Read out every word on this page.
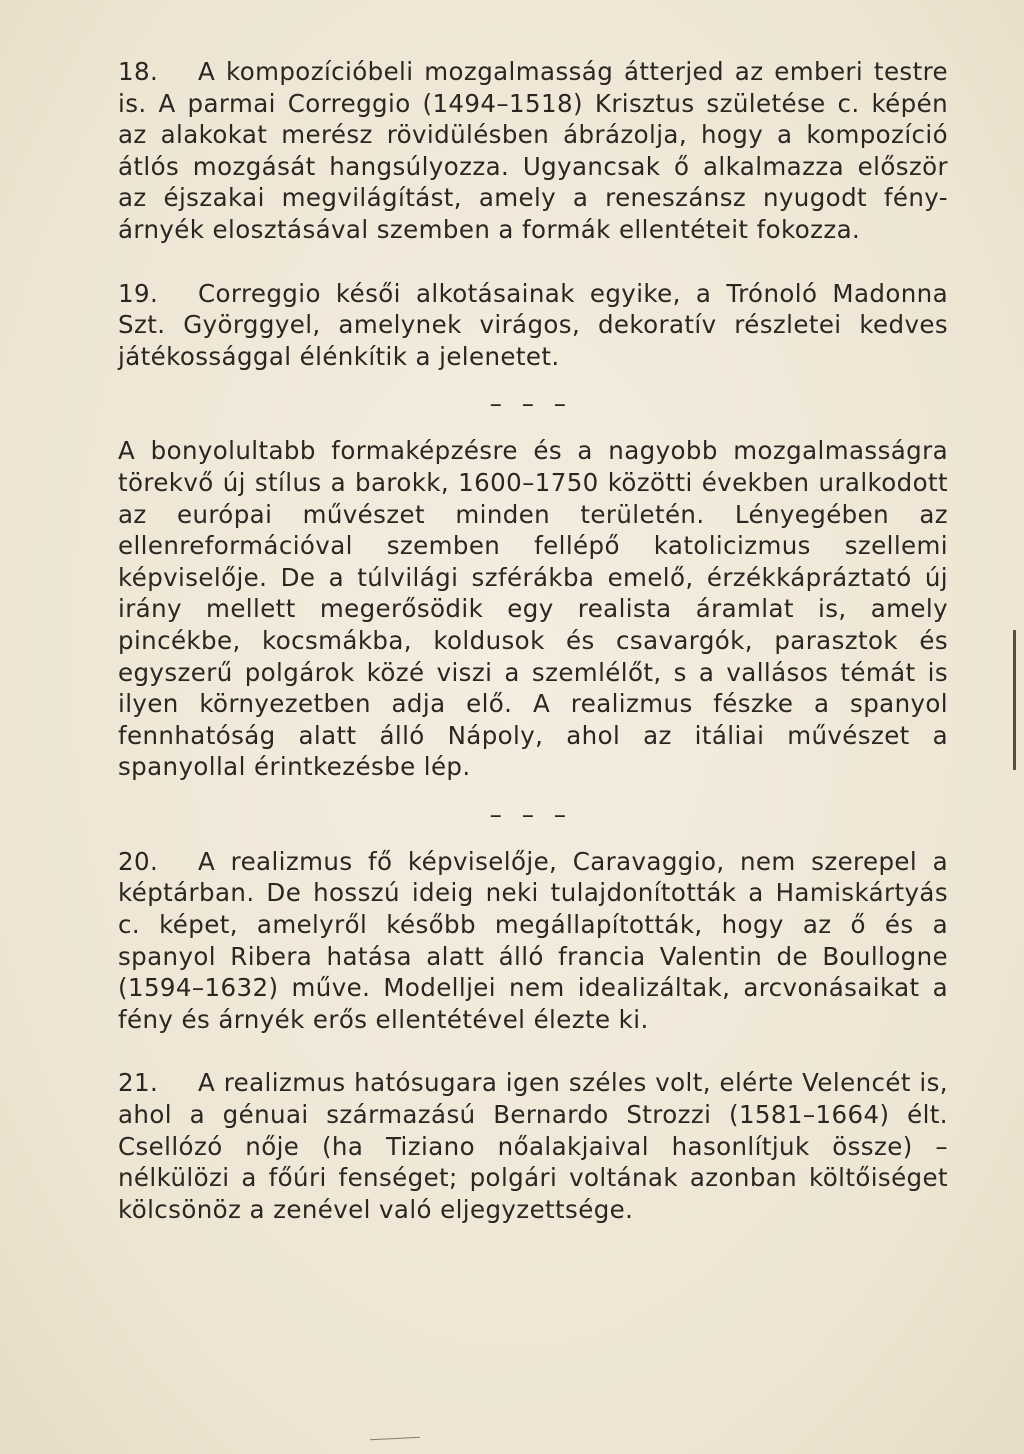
18. A kompozícióbeli mozgalmasság átterjed az emberi testre is. A parmai Correggio (1494–1518) Krisztus születése c. képén az alakokat merész rövidülésben ábrázolja, hogy a kompozíció átlós mozgását hangsúlyozza. Ugyancsak ő alkalmazza először az éjszakai megvilágítást, amely a reneszánsz nyugodt fény-árnyék elosztásával szemben a formák ellentéteit fokozza.

19. Correggio késői alkotásainak egyike, a Trónoló Madonna Szt. Györggyel, amelynek virágos, dekoratív részletei kedves játékossággal élénkítik a jelenetet.

– – –

A bonyolultabb formaképzésre és a nagyobb mozgalmasságra törekvő új stílus a barokk, 1600–1750 közötti években uralkodott az európai művészet minden területén. Lényegében az ellenreformációval szemben fellépő katolicizmus szellemi képviselője. De a túlvilági szférákba emelő, érzékkápráztató új irány mellett megerősödik egy realista áramlat is, amely pincékbe, kocsmákba, koldusok és csavargók, parasztok és egyszerű polgárok közé viszi a szemlélőt, s a vallásos témát is ilyen környezetben adja elő. A realizmus fészke a spanyol fennhatóság alatt álló Nápoly, ahol az itáliai művészet a spanyollal érintkezésbe lép.

– – –

20. A realizmus fő képviselője, Caravaggio, nem szerepel a képtárban. De hosszú ideig neki tulajdonították a Hamiskártyás c. képet, amelyről később megállapították, hogy az ő és a spanyol Ribera hatása alatt álló francia Valentin de Boullogne (1594–1632) műve. Modelljei nem idealizáltak, arcvonásaikat a fény és árnyék erős ellentétével élezte ki.

21. A realizmus hatósugara igen széles volt, elérte Velencét is, ahol a génuai származású Bernardo Strozzi (1581–1664) élt. Csellózó nője (ha Tiziano nőalakjaival hasonlítjuk össze) – nélkülözi a főúri fenséget; polgári voltának azonban költőiséget kölcsönöz a zenével való eljegyzettsége.
